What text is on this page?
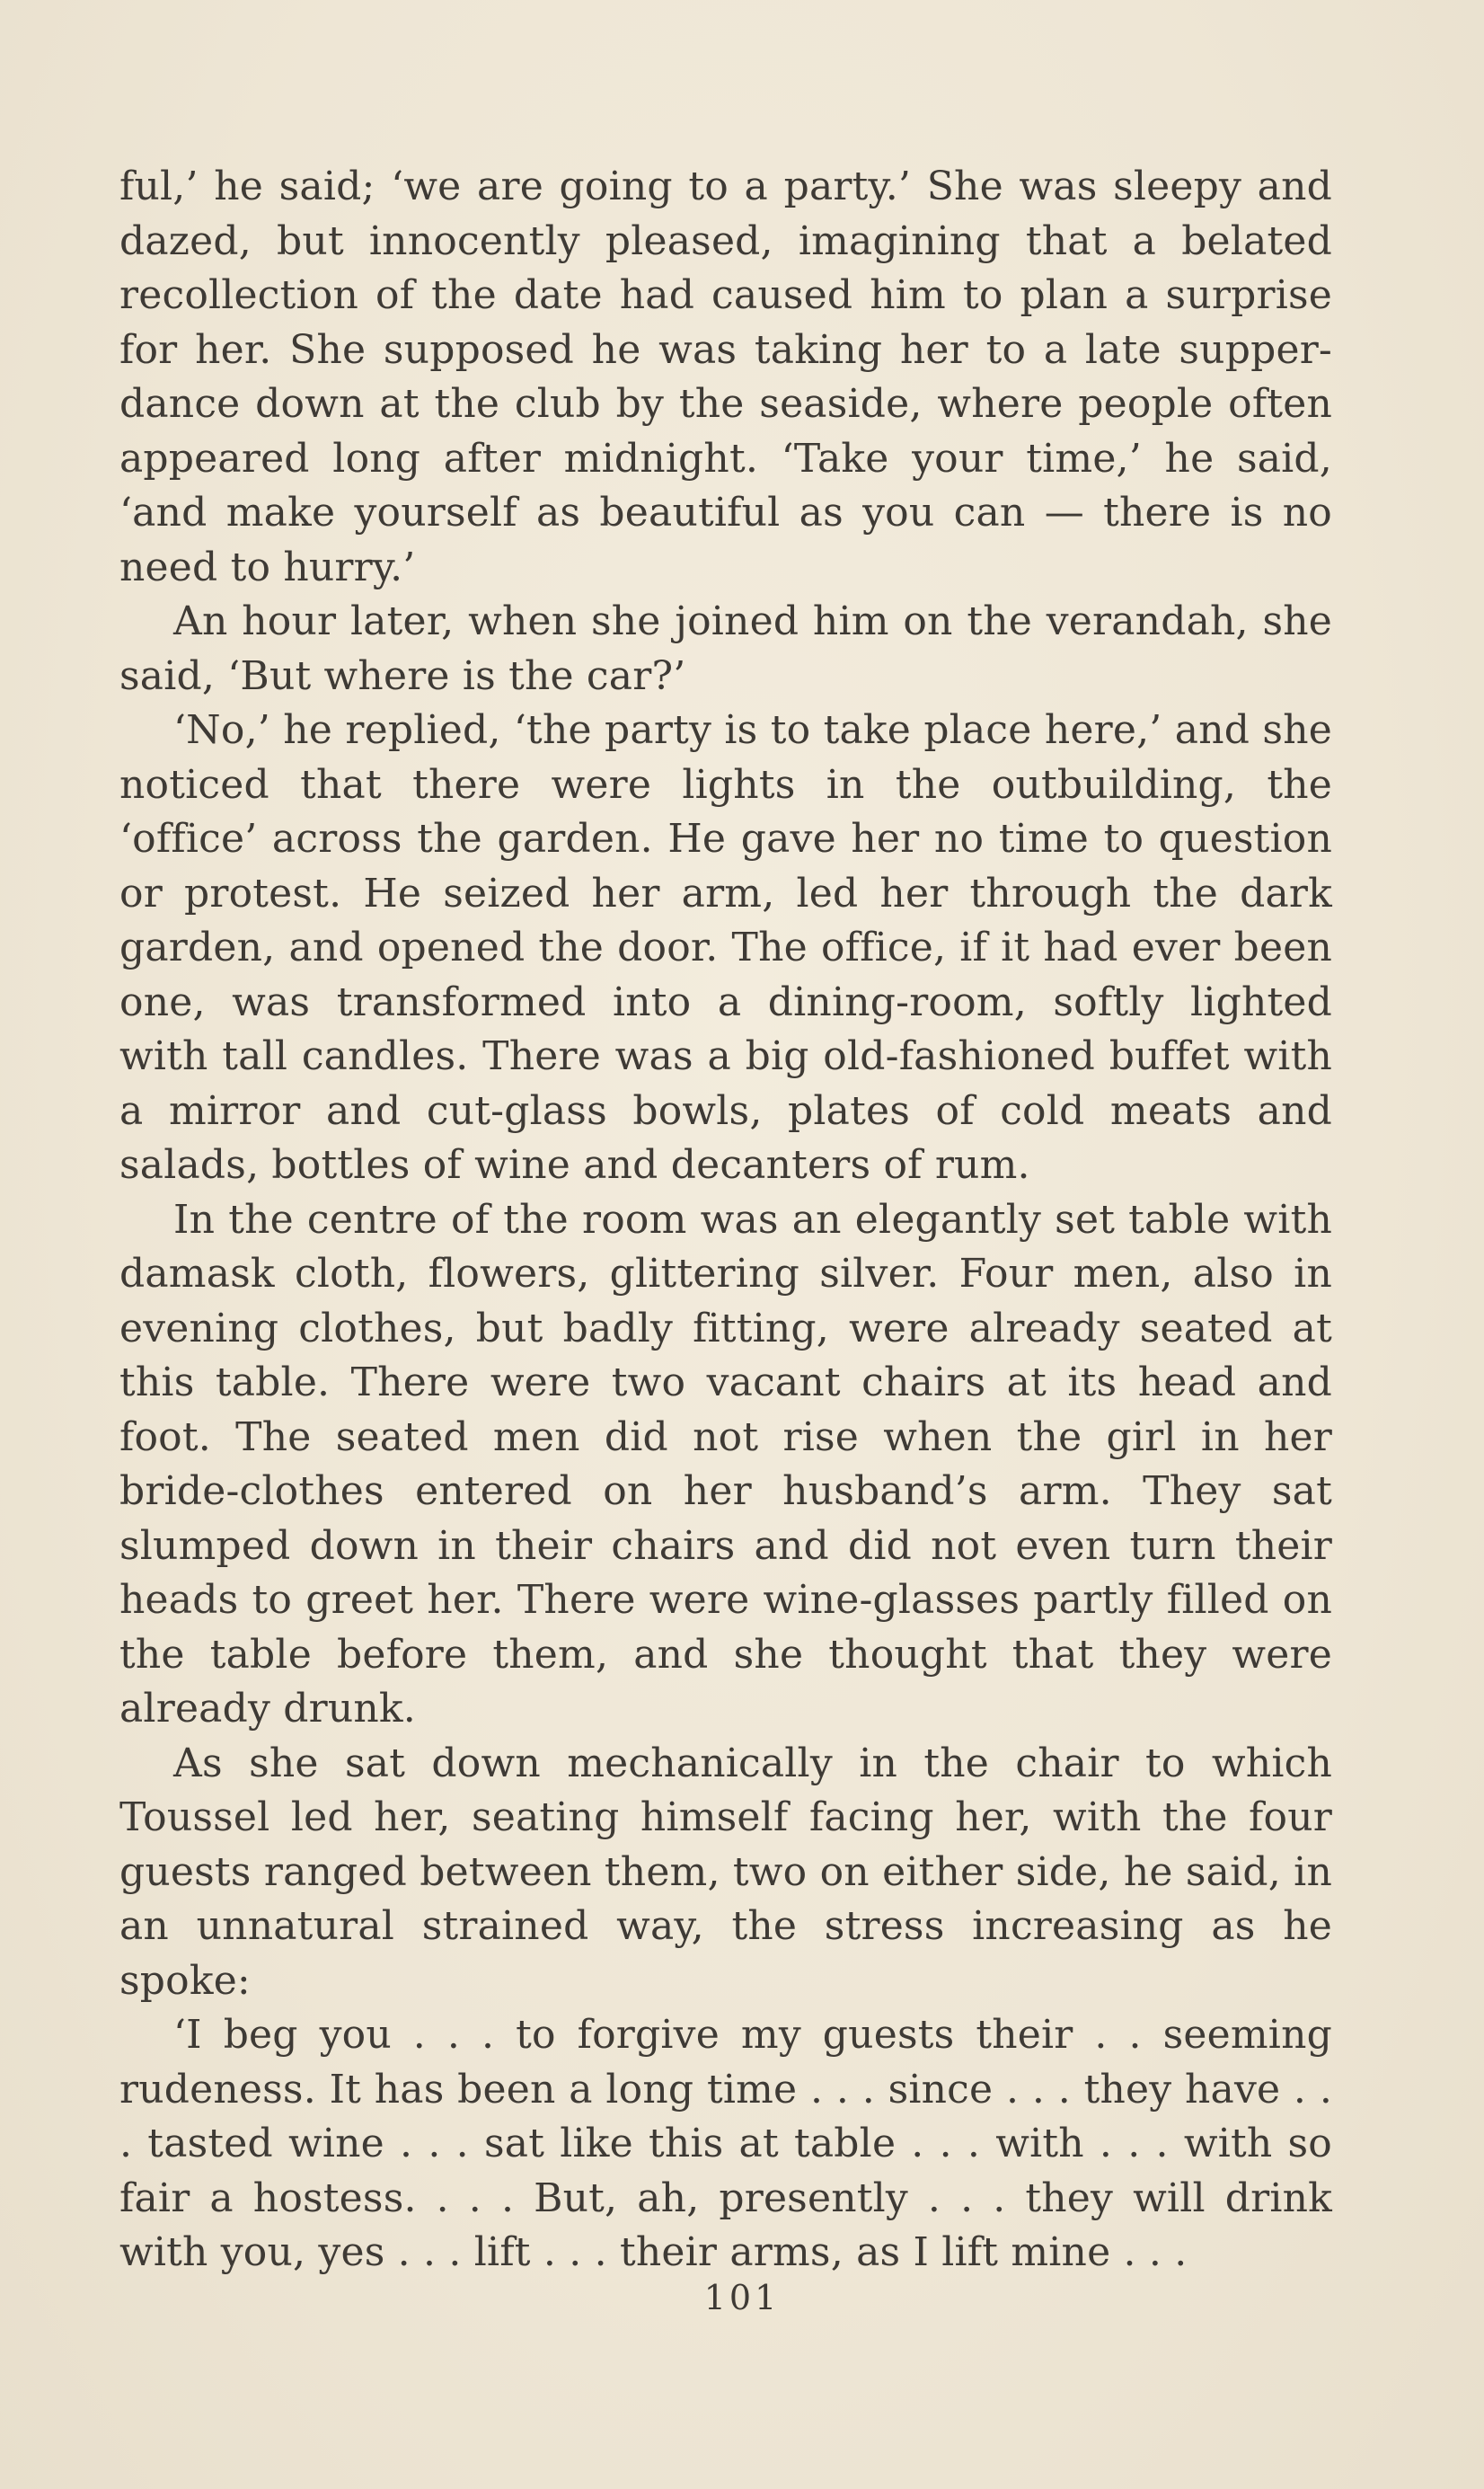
ful,’ he said; ‘we are going to a party.’ She was sleepy and dazed, but innocently pleased, imagining that a belated recollection of the date had caused him to plan a surprise for her. She supposed he was taking her to a late supper-dance down at the club by the seaside, where people often appeared long after midnight. ‘Take your time,’ he said, ‘and make yourself as beautiful as you can — there is no need to hurry.’

An hour later, when she joined him on the verandah, she said, ‘But where is the car?’

‘No,’ he replied, ‘the party is to take place here,’ and she noticed that there were lights in the outbuilding, the ‘office’ across the garden. He gave her no time to question or protest. He seized her arm, led her through the dark garden, and opened the door. The office, if it had ever been one, was transformed into a dining-room, softly lighted with tall candles. There was a big old-fashioned buffet with a mirror and cut-glass bowls, plates of cold meats and salads, bottles of wine and decanters of rum.

In the centre of the room was an elegantly set table with damask cloth, flowers, glittering silver. Four men, also in evening clothes, but badly fitting, were already seated at this table. There were two vacant chairs at its head and foot. The seated men did not rise when the girl in her bride-clothes entered on her husband’s arm. They sat slumped down in their chairs and did not even turn their heads to greet her. There were wine-glasses partly filled on the table before them, and she thought that they were already drunk.

As she sat down mechanically in the chair to which Toussel led her, seating himself facing her, with the four guests ranged between them, two on either side, he said, in an unnatural strained way, the stress increasing as he spoke:

‘I beg you . . . to forgive my guests their . . seeming rudeness. It has been a long time . . . since . . . they have . . . tasted wine . . . sat like this at table . . . with . . . with so fair a hostess. . . . But, ah, presently . . . they will drink with you, yes . . . lift . . . their arms, as I lift mine . . .

101
